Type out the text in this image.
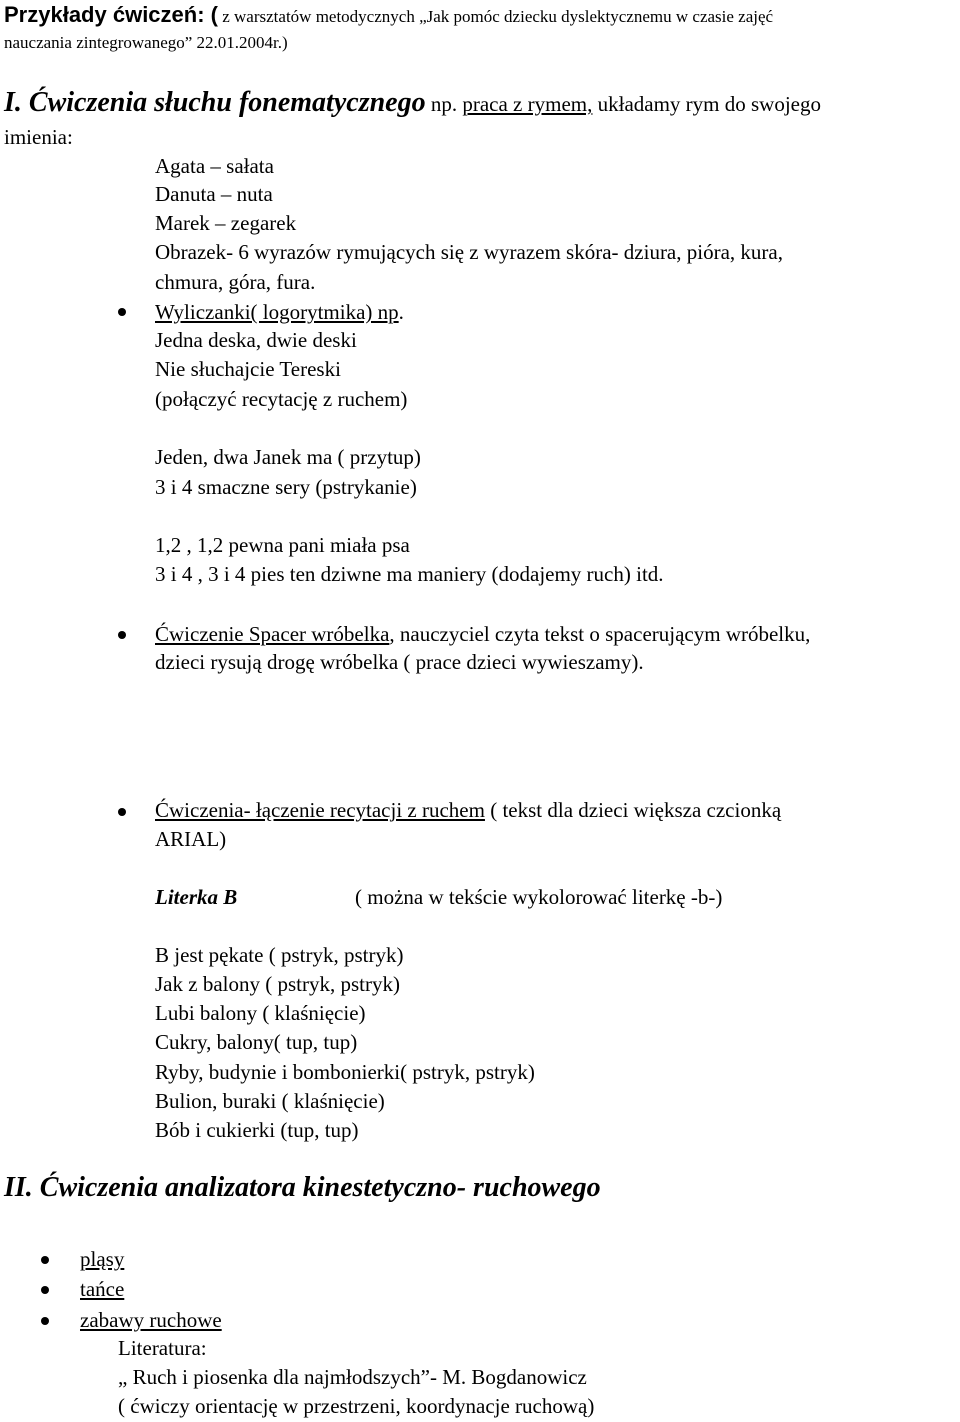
Przykłady ćwiczeń: ( z warsztatów metodycznych „Jak pomóc dziecku dyslektycznemu w czasie zajęć
nauczania zintegrowanego” 22.01.2004r.)
I. Ćwiczenia słuchu fonematycznego np. praca z rymem, układamy rym do swojego
imienia:
Agata – sałata
Danuta – nuta
Marek – zegarek
Obrazek- 6 wyrazów rymujących się z wyrazem skóra- dziura, pióra, kura,
chmura, góra, fura.
Wyliczanki( logorytmika) np.
Jedna deska, dwie deski
Nie słuchajcie Tereski
(połączyć recytację z ruchem)
Jeden, dwa Janek ma ( przytup)
3 i 4 smaczne sery (pstrykanie)
1,2 , 1,2 pewna pani miała psa
3 i 4 , 3 i 4 pies ten dziwne ma maniery (dodajemy ruch) itd.
Ćwiczenie Spacer wróbelka, nauczyciel czyta tekst o spacerującym wróbelku,
dzieci rysują drogę wróbelka ( prace dzieci wywieszamy).
Ćwiczenia- łączenie recytacji z ruchem ( tekst dla dzieci większa czcionką
ARIAL)
Literka B	( można w tekście wykolorować literkę -b-)
B jest pękate ( pstryk, pstryk)
Jak z balony ( pstryk, pstryk)
Lubi balony ( klaśnięcie)
Cukry, balony( tup, tup)
Ryby, budynie i bombonierki( pstryk, pstryk)
Bulion, buraki ( klaśnięcie)
Bób i cukierki (tup, tup)
II. Ćwiczenia analizatora kinestetyczno- ruchowego
pląsy
tańce
zabawy ruchowe
Literatura:
„ Ruch i piosenka dla najmłodszych”- M. Bogdanowicz
( ćwiczy orientację w przestrzeni, koordynacje ruchową)
